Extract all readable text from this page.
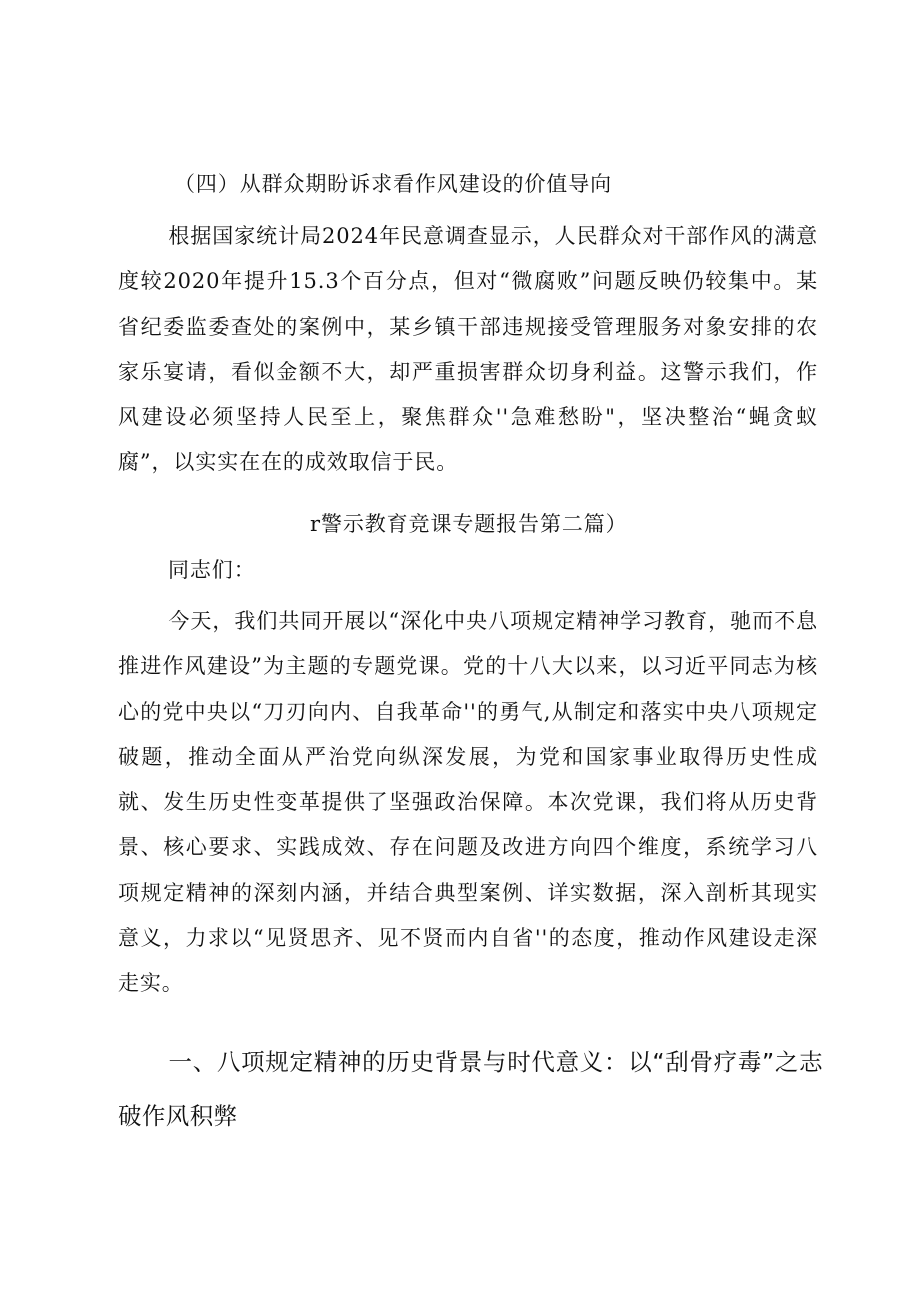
（四）从群众期盼诉求看作风建设的价值导向

根据国家统计局2024年民意调查显示，人民群众对干部作风的满意度较2020年提升15.3个百分点，但对“微腐败”问题反映仍较集中。某省纪委监委查处的案例中，某乡镇干部违规接受管理服务对象安排的农家乐宴请，看似金额不大，却严重损害群众切身利益。这警示我们，作风建设必须坚持人民至上，聚焦群众''急难愁盼"，坚决整治“蝇贪蚁腐”，以实实在在的成效取信于民。

r警示教育竞课专题报告第二篇）

同志们：

今天，我们共同开展以“深化中央八项规定精神学习教育，驰而不息推进作风建设”为主题的专题党课。党的十八大以来，以习近平同志为核心的党中央以“刀刃向内、自我革命''的勇气,从制定和落实中央八项规定破题，推动全面从严治党向纵深发展，为党和国家事业取得历史性成就、发生历史性变革提供了坚强政治保障。本次党课，我们将从历史背景、核心要求、实践成效、存在问题及改进方向四个维度，系统学习八项规定精神的深刻内涵，并结合典型案例、详实数据，深入剖析其现实意义，力求以“见贤思齐、见不贤而内自省''的态度，推动作风建设走深走实。

一、八项规定精神的历史背景与时代意义：以“刮骨疗毒”之志破作风积弊
